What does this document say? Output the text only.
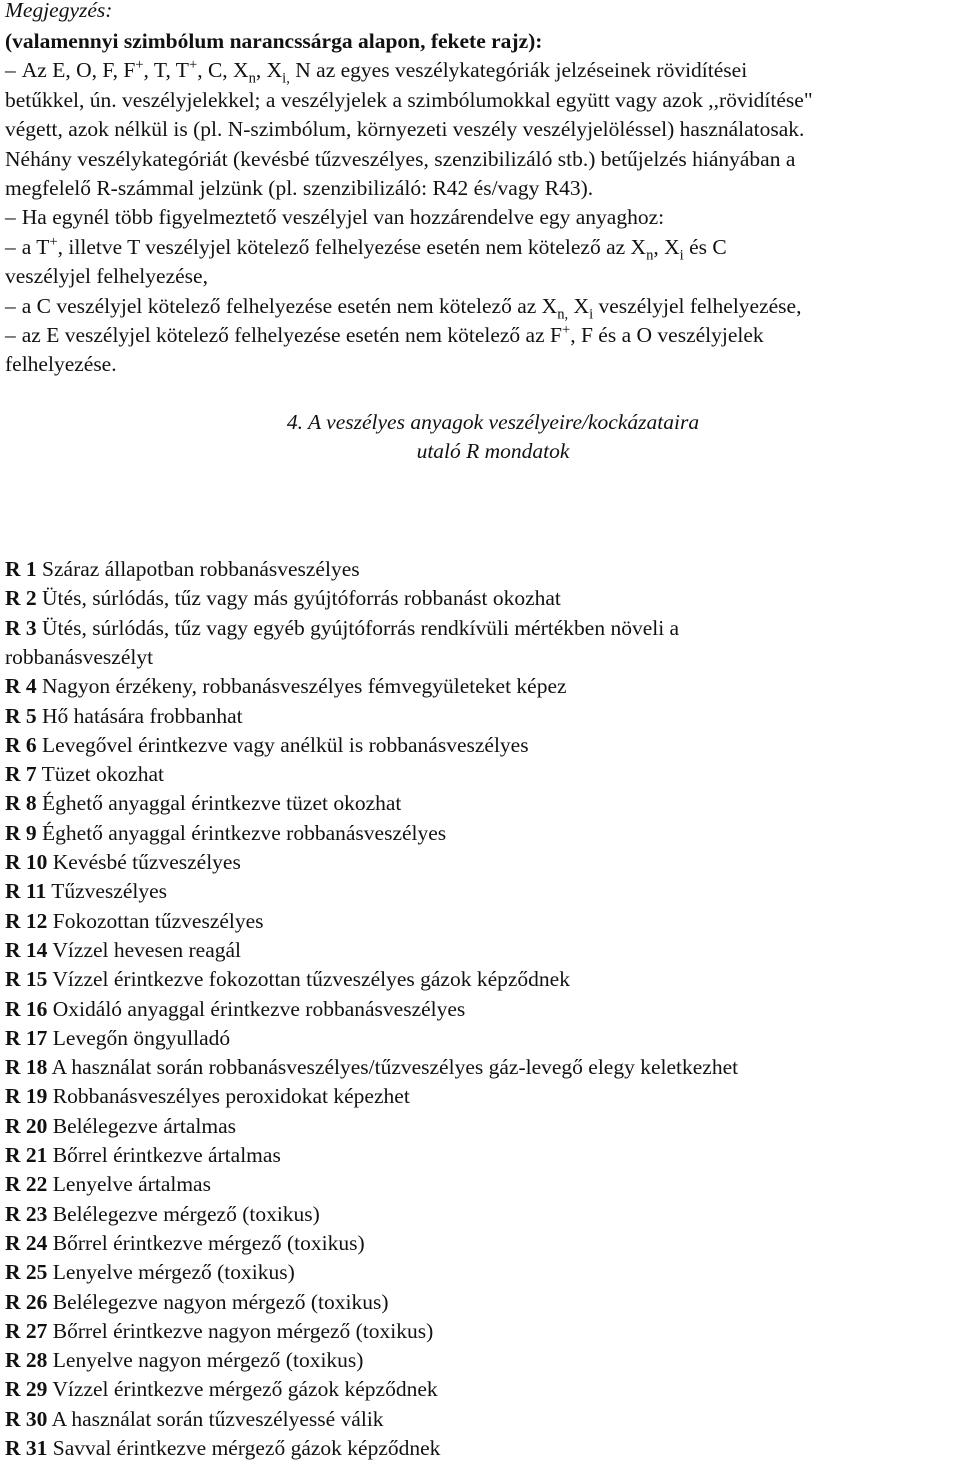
Megjegyzés:
(valamennyi szimbólum narancssárga alapon, fekete rajz):
– Az E, O, F, F+, T, T+, C, $X_n$, $X_{i,}$ N az egyes veszélykategóriák jelzéseinek rövidítései
betűkkel, ún. veszélyjelekkel; a veszélyjelek a szimbólumokkal együtt vagy azok ,,rövidítése"
végett, azok nélkül is (pl. N-szimbólum, környezeti veszély veszélyjelöléssel) használatosak.
Néhány veszélykategóriát (kevésbé tűzveszélyes, szenzibilizáló stb.) betűjelzés hiányában a
megfelelő R-számmal jelzünk (pl. szenzibilizáló: R42 és/vagy R43).
– Ha egynél több figyelmeztető veszélyjel van hozzárendelve egy anyaghoz:
– a T+, illetve T veszélyjel kötelező felhelyezése esetén nem kötelező az $X_n$, $X_i$ és C
veszélyjel felhelyezése,
– a C veszélyjel kötelező felhelyezése esetén nem kötelező az $X_{n,}$ $X_i$ veszélyjel felhelyezése,
– az E veszélyjel kötelező felhelyezése esetén nem kötelező az F+, F és a O veszélyjelek
felhelyezése.
4. A veszélyes anyagok veszélyeire/kockázataira
utaló R mondatok
R 1 Száraz állapotban robbanásveszélyes
R 2 Ütés, súrlódás, tűz vagy más gyújtóforrás robbanást okozhat
R 3 Ütés, súrlódás, tűz vagy egyéb gyújtóforrás rendkívüli mértékben növeli a
robbanásveszélyt
R 4 Nagyon érzékeny, robbanásveszélyes fémvegyületeket képez
R 5 Hő hatására frobbanhat
R 6 Levegővel érintkezve vagy anélkül is robbanásveszélyes
R 7 Tüzet okozhat
R 8 Éghető anyaggal érintkezve tüzet okozhat
R 9 Éghető anyaggal érintkezve robbanásveszélyes
R 10 Kevésbé tűzveszélyes
R 11 Tűzveszélyes
R 12 Fokozottan tűzveszélyes
R 14 Vízzel hevesen reagál
R 15 Vízzel érintkezve fokozottan tűzveszélyes gázok képződnek
R 16 Oxidáló anyaggal érintkezve robbanásveszélyes
R 17 Levegőn öngyulladó
R 18 A használat során robbanásveszélyes/tűzveszélyes gáz-levegő elegy keletkezhet
R 19 Robbanásveszélyes peroxidokat képezhet
R 20 Belélegezve ártalmas
R 21 Bőrrel érintkezve ártalmas
R 22 Lenyelve ártalmas
R 23 Belélegezve mérgező (toxikus)
R 24 Bőrrel érintkezve mérgező (toxikus)
R 25 Lenyelve mérgező (toxikus)
R 26 Belélegezve nagyon mérgező (toxikus)
R 27 Bőrrel érintkezve nagyon mérgező (toxikus)
R 28 Lenyelve nagyon mérgező (toxikus)
R 29 Vízzel érintkezve mérgező gázok képződnek
R 30 A használat során tűzveszélyessé válik
R 31 Savval érintkezve mérgező gázok képződnek
